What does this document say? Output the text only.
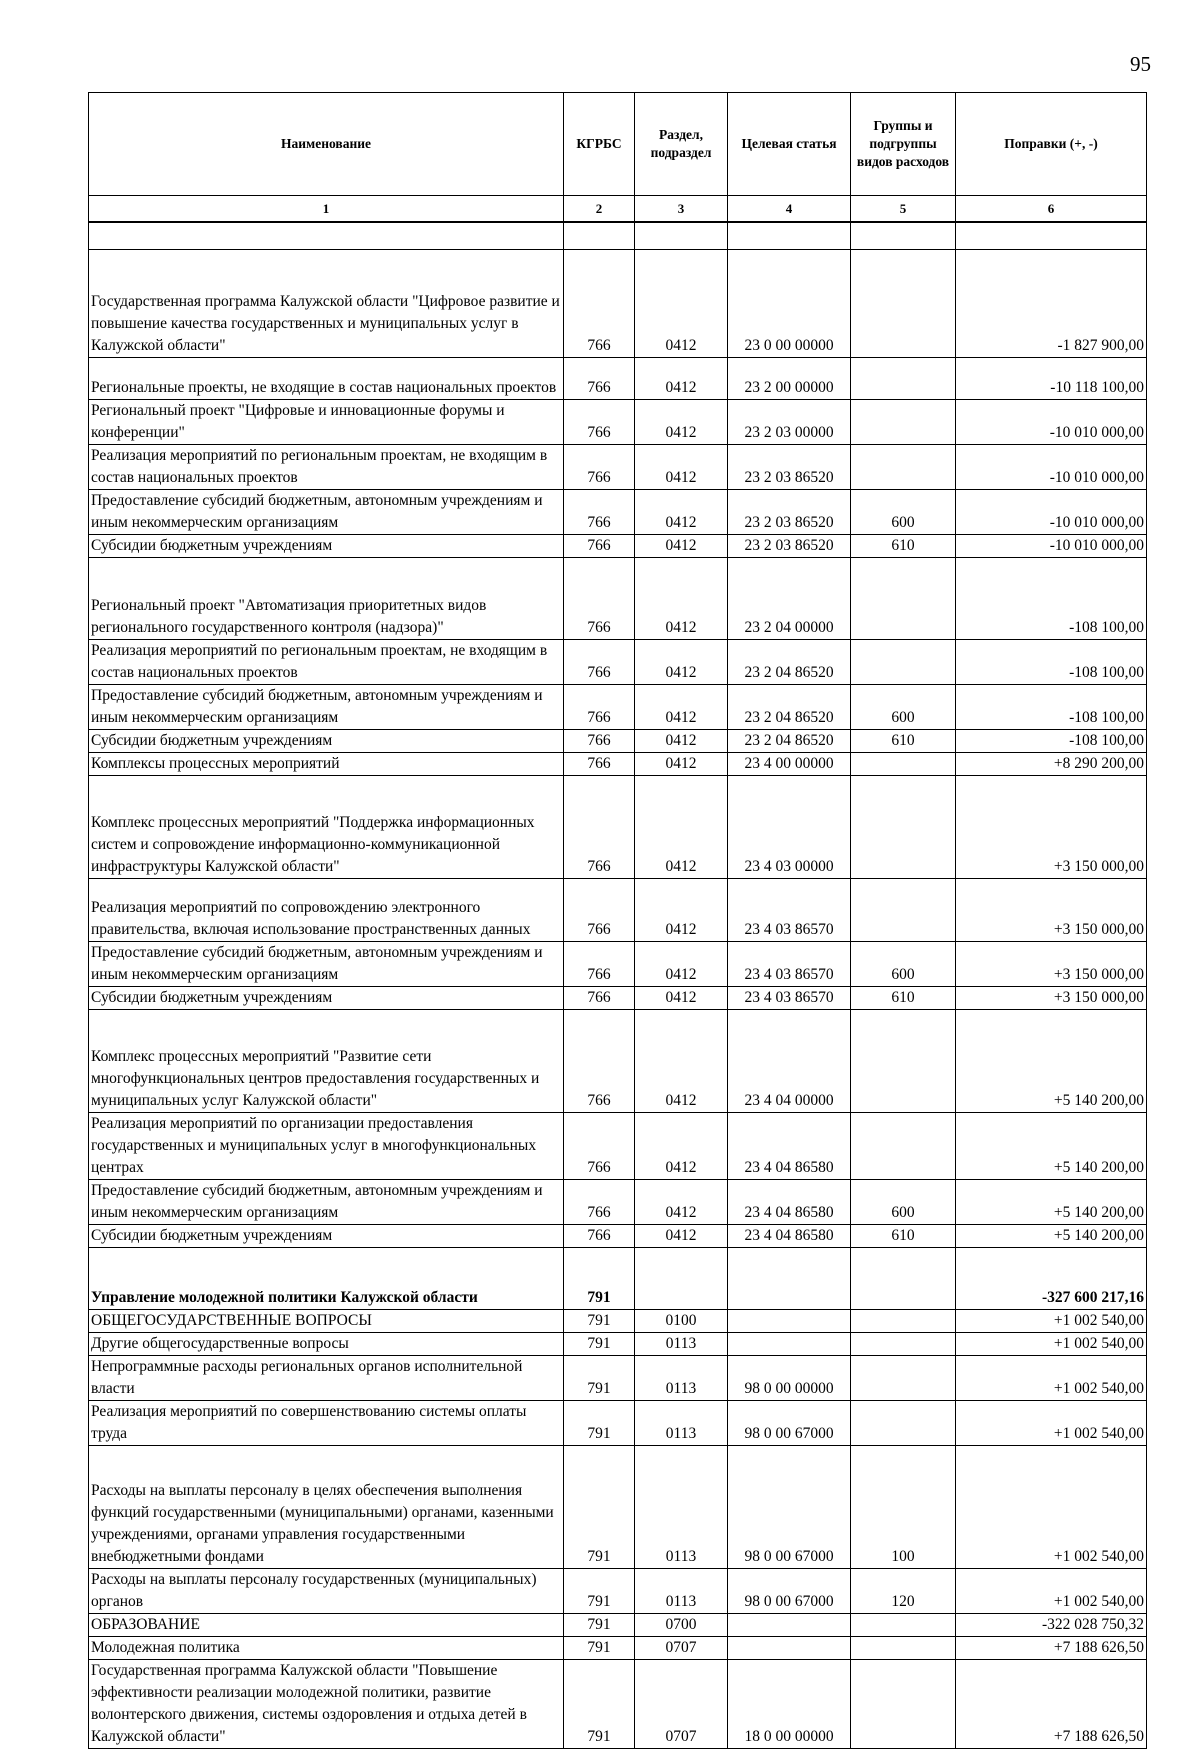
95
Наименование	КГРБС	Раздел, подраздел	Целевая статья	Группы и подгруппы видов расходов	Поправки (+, -)
1	2	3	4	5	6

Государственная программа Калужской области "Цифровое развитие и повышение качества государственных и муниципальных услуг в Калужской области"	766	0412	23 0 00 00000		-1 827 900,00
Региональные проекты, не входящие в состав национальных проектов	766	0412	23 2 00 00000		-10 118 100,00
Региональный проект "Цифровые и инновационные форумы и конференции"	766	0412	23 2 03 00000		-10 010 000,00
Реализация мероприятий по региональным проектам, не входящим в состав национальных проектов	766	0412	23 2 03 86520		-10 010 000,00
Предоставление субсидий бюджетным, автономным учреждениям и иным некоммерческим организациям	766	0412	23 2 03 86520	600	-10 010 000,00
Субсидии бюджетным учреждениям	766	0412	23 2 03 86520	610	-10 010 000,00
Региональный проект "Автоматизация приоритетных видов регионального государственного контроля (надзора)"	766	0412	23 2 04 00000		-108 100,00
Реализация мероприятий по региональным проектам, не входящим в состав национальных проектов	766	0412	23 2 04 86520		-108 100,00
Предоставление субсидий бюджетным, автономным учреждениям и иным некоммерческим организациям	766	0412	23 2 04 86520	600	-108 100,00
Субсидии бюджетным учреждениям	766	0412	23 2 04 86520	610	-108 100,00
Комплексы процессных мероприятий	766	0412	23 4 00 00000		+8 290 200,00
Комплекс процессных мероприятий "Поддержка информационных систем и сопровождение информационно-коммуникационной инфраструктуры Калужской области"	766	0412	23 4 03 00000		+3 150 000,00
Реализация мероприятий по сопровождению электронного правительства, включая использование пространственных данных	766	0412	23 4 03 86570		+3 150 000,00
Предоставление субсидий бюджетным, автономным учреждениям и иным некоммерческим организациям	766	0412	23 4 03 86570	600	+3 150 000,00
Субсидии бюджетным учреждениям	766	0412	23 4 03 86570	610	+3 150 000,00
Комплекс процессных мероприятий "Развитие сети многофункциональных центров предоставления государственных и муниципальных услуг Калужской области"	766	0412	23 4 04 00000		+5 140 200,00
Реализация мероприятий по организации предоставления государственных и муниципальных услуг в многофункциональных центрах	766	0412	23 4 04 86580		+5 140 200,00
Предоставление субсидий бюджетным, автономным учреждениям и иным некоммерческим организациям	766	0412	23 4 04 86580	600	+5 140 200,00
Субсидии бюджетным учреждениям	766	0412	23 4 04 86580	610	+5 140 200,00
Управление молодежной политики Калужской области	791				-327 600 217,16
ОБЩЕГОСУДАРСТВЕННЫЕ ВОПРОСЫ	791	0100			+1 002 540,00
Другие общегосударственные вопросы	791	0113			+1 002 540,00
Непрограммные расходы региональных органов исполнительной власти	791	0113	98 0 00 00000		+1 002 540,00
Реализация мероприятий по совершенствованию системы оплаты труда	791	0113	98 0 00 67000		+1 002 540,00
Расходы на выплаты персоналу в целях обеспечения выполнения функций государственными (муниципальными) органами, казенными учреждениями, органами управления государственными внебюджетными фондами	791	0113	98 0 00 67000	100	+1 002 540,00
Расходы на выплаты персоналу государственных (муниципальных) органов	791	0113	98 0 00 67000	120	+1 002 540,00
ОБРАЗОВАНИЕ	791	0700			-322 028 750,32
Молодежная политика	791	0707			+7 188 626,50
Государственная программа Калужской области "Повышение эффективности реализации молодежной политики, развитие волонтерского движения, системы оздоровления и отдыха детей в Калужской области"	791	0707	18 0 00 00000		+7 188 626,50
